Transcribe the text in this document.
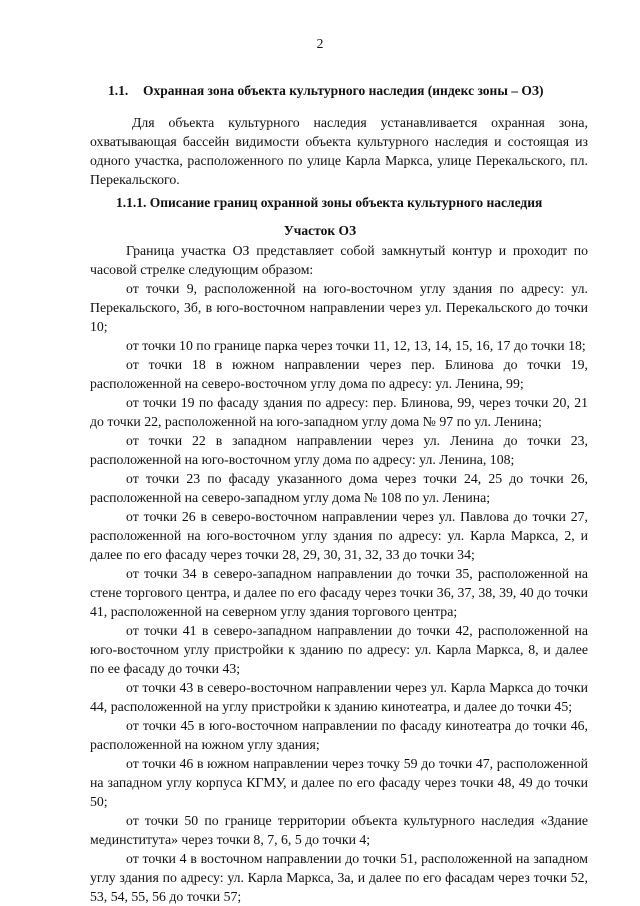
2
1.1. Охранная зона объекта культурного наследия (индекс зоны – ОЗ)
Для объекта культурного наследия устанавливается охранная зона, охватывающая бассейн видимости объекта культурного наследия и состоящая из одного участка, расположенного по улице Карла Маркса, улице Перекальского, пл. Перекальского.
1.1.1. Описание границ охранной зоны объекта культурного наследия
Участок ОЗ

Граница участка ОЗ представляет собой замкнутый контур и проходит по часовой стрелке следующим образом:

от точки 9, расположенной на юго-восточном углу здания по адресу: ул. Перекальского, 3б, в юго-восточном направлении через ул. Перекальского до точки 10;

от точки 10 по границе парка через точки 11, 12, 13, 14, 15, 16, 17 до точки 18;

от точки 18 в южном направлении через пер. Блинова до точки 19, расположенной на северо-восточном углу дома по адресу: ул. Ленина, 99;

от точки 19 по фасаду здания по адресу: пер. Блинова, 99, через точки 20, 21 до точки 22, расположенной на юго-западном углу дома № 97 по ул. Ленина;

от точки 22 в западном направлении через ул. Ленина до точки 23, расположенной на юго-восточном углу дома по адресу: ул. Ленина, 108;

от точки 23 по фасаду указанного дома через точки 24, 25 до точки 26, расположенной на северо-западном углу дома № 108 по ул. Ленина;

от точки 26 в северо-восточном направлении через ул. Павлова до точки 27, расположенной на юго-восточном углу здания по адресу: ул. Карла Маркса, 2, и далее по его фасаду через точки 28, 29, 30, 31, 32, 33 до точки 34;

от точки 34 в северо-западном направлении до точки 35, расположенной на стене торгового центра, и далее по его фасаду через точки 36, 37, 38, 39, 40 до точки 41, расположенной на северном углу здания торгового центра;

от точки 41 в северо-западном направлении до точки 42, расположенной на юго-восточном углу пристройки к зданию по адресу: ул. Карла Маркса, 8, и далее по ее фасаду до точки 43;

от точки 43 в северо-восточном направлении через ул. Карла Маркса до точки 44, расположенной на углу пристройки к зданию кинотеатра, и далее до точки 45;

от точки 45 в юго-восточном направлении по фасаду кинотеатра до точки 46, расположенной на южном углу здания;

от точки 46 в южном направлении через точку 59 до точки 47, расположенной на западном углу корпуса КГМУ, и далее по его фасаду через точки 48, 49 до точки 50;

от точки 50 по границе территории объекта культурного наследия «Здание мединститута» через точки 8, 7, 6, 5 до точки 4;

от точки 4 в восточном направлении до точки 51, расположенной на западном углу здания по адресу: ул. Карла Маркса, 3а, и далее по его фасадам через точки 52, 53, 54, 55, 56 до точки 57;
